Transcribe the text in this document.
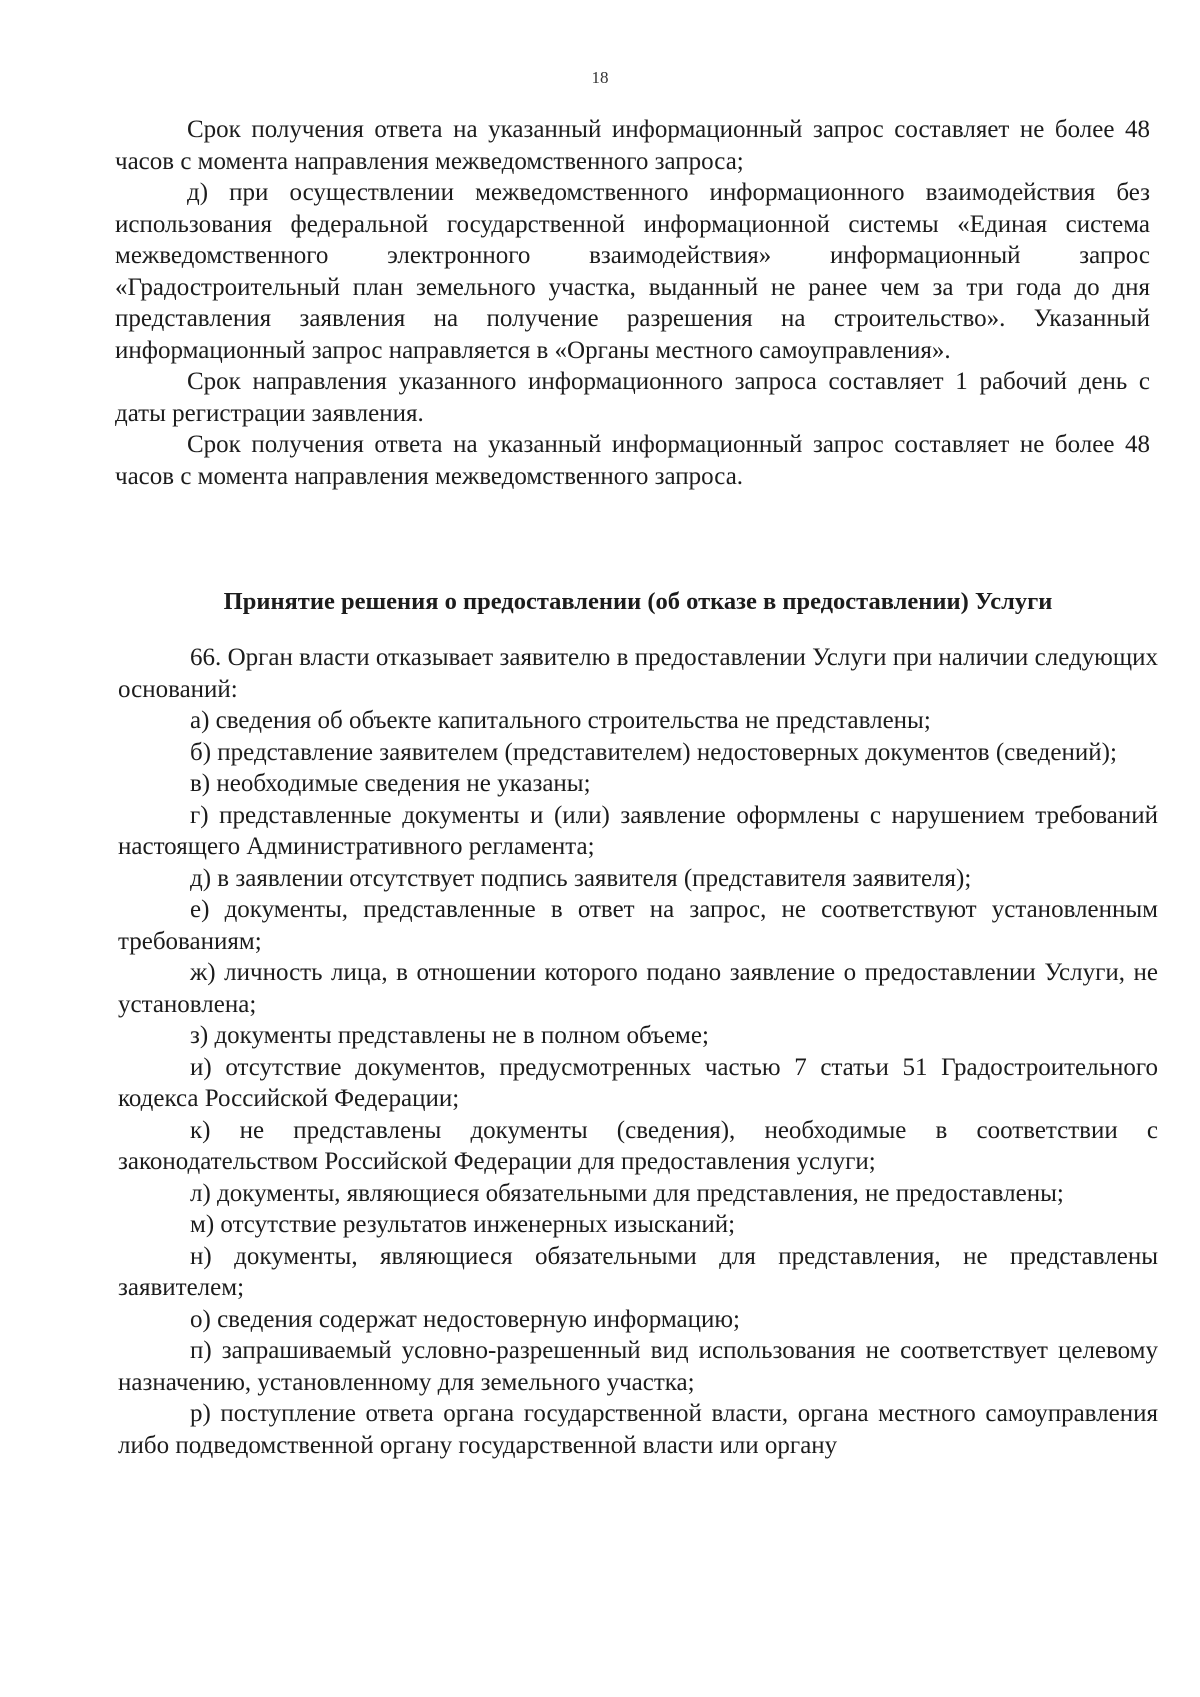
18

Срок получения ответа на указанный информационный запрос составляет не более 48 часов с момента направления межведомственного запроса;

д) при осуществлении межведомственного информационного взаимодействия без использования федеральной государственной информационной системы «Единая система межведомственного электронного взаимодействия» информационный запрос «Градостроительный план земельного участка, выданный не ранее чем за три года до дня представления заявления на получение разрешения на строительство». Указанный информационный запрос направляется в «Органы местного самоуправления».

Срок направления указанного информационного запроса составляет 1 рабочий день с даты регистрации заявления.

Срок получения ответа на указанный информационный запрос составляет не более 48 часов с момента направления межведомственного запроса.

Принятие решения о предоставлении (об отказе в предоставлении) Услуги

66. Орган власти отказывает заявителю в предоставлении Услуги при наличии следующих оснований:

а) сведения об объекте капитального строительства не представлены;

б) представление заявителем (представителем) недостоверных документов (сведений);

в) необходимые сведения не указаны;

г) представленные документы и (или) заявление оформлены с нарушением требований настоящего Административного регламента;

д) в заявлении отсутствует подпись заявителя (представителя заявителя);

е) документы, представленные в ответ на запрос, не соответствуют установленным требованиям;

ж) личность лица, в отношении которого подано заявление о предоставлении Услуги, не установлена;

з) документы представлены не в полном объеме;

и) отсутствие документов, предусмотренных частью 7 статьи 51 Градостроительного кодекса Российской Федерации;

к) не представлены документы (сведения), необходимые в соответствии с законодательством Российской Федерации для предоставления услуги;

л) документы, являющиеся обязательными для представления, не предоставлены;

м) отсутствие результатов инженерных изысканий;

н) документы, являющиеся обязательными для представления, не представлены заявителем;

о) сведения содержат недостоверную информацию;

п) запрашиваемый условно-разрешенный вид использования не соответствует целевому назначению, установленному для земельного участка;

р) поступление ответа органа государственной власти, органа местного самоуправления либо подведомственной органу государственной власти или органу
